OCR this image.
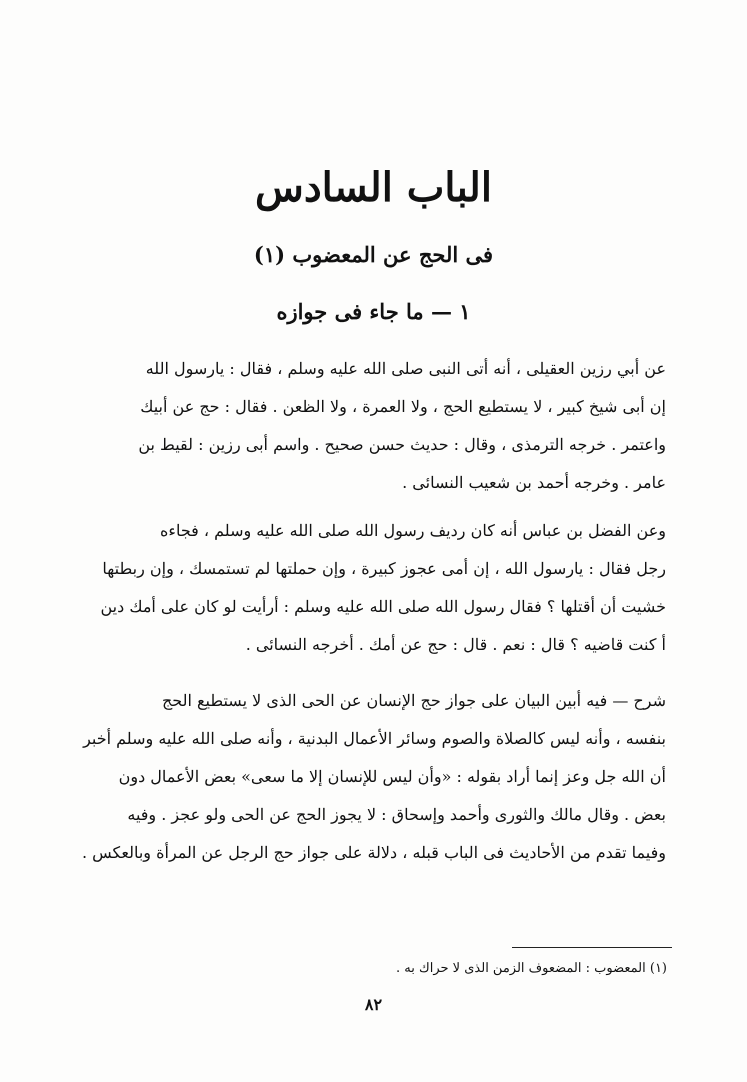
الباب السادس
فى الحج عن المعضوب (١)
١ — ما جاء فى جوازه
عن أبي رزين العقيلى ، أنه أتى النبى صلى الله عليه وسلم ، فقال : يارسول الله
إن أبى شيخ كبير ، لا يستطيع الحج ، ولا العمرة ، ولا الظعن . فقال : حج عن أبيك
واعتمر . خرجه الترمذى ، وقال : حديث حسن صحيح . واسم أبى رزين : لقيط بن
عامر . وخرجه أحمد بن شعيب النسائى .
وعن الفضل بن عباس أنه كان رديف رسول الله صلى الله عليه وسلم ، فجاءه
رجل فقال : يارسول الله ، إن أمى عجوز كبيرة ، وإن حملتها لم تستمسك ، وإن ربطتها
خشيت أن أقتلها ؟ فقال رسول الله صلى الله عليه وسلم : أرأيت لو كان على أمك دين
أ كنت قاضيه ؟ قال : نعم . قال : حج عن أمك . أخرجه النسائى .
شرح — فيه أبين البيان على جواز حج الإنسان عن الحى الذى لا يستطيع الحج
بنفسه ، وأنه ليس كالصلاة والصوم وسائر الأعمال البدنية ، وأنه صلى الله عليه وسلم أخبر
أن الله جل وعز إنما أراد بقوله : «وأن ليس للإنسان إلا ما سعى» بعض الأعمال دون
بعض . وقال مالك والثورى وأحمد وإسحاق : لا يجوز الحج عن الحى ولو عجز . وفيه
وفيما تقدم من الأحاديث فى الباب قبله ، دلالة على جواز حج الرجل عن المرأة وبالعكس .
(١) المعضوب : المضعوف الزمن الذى لا حراك به .
٨٢
